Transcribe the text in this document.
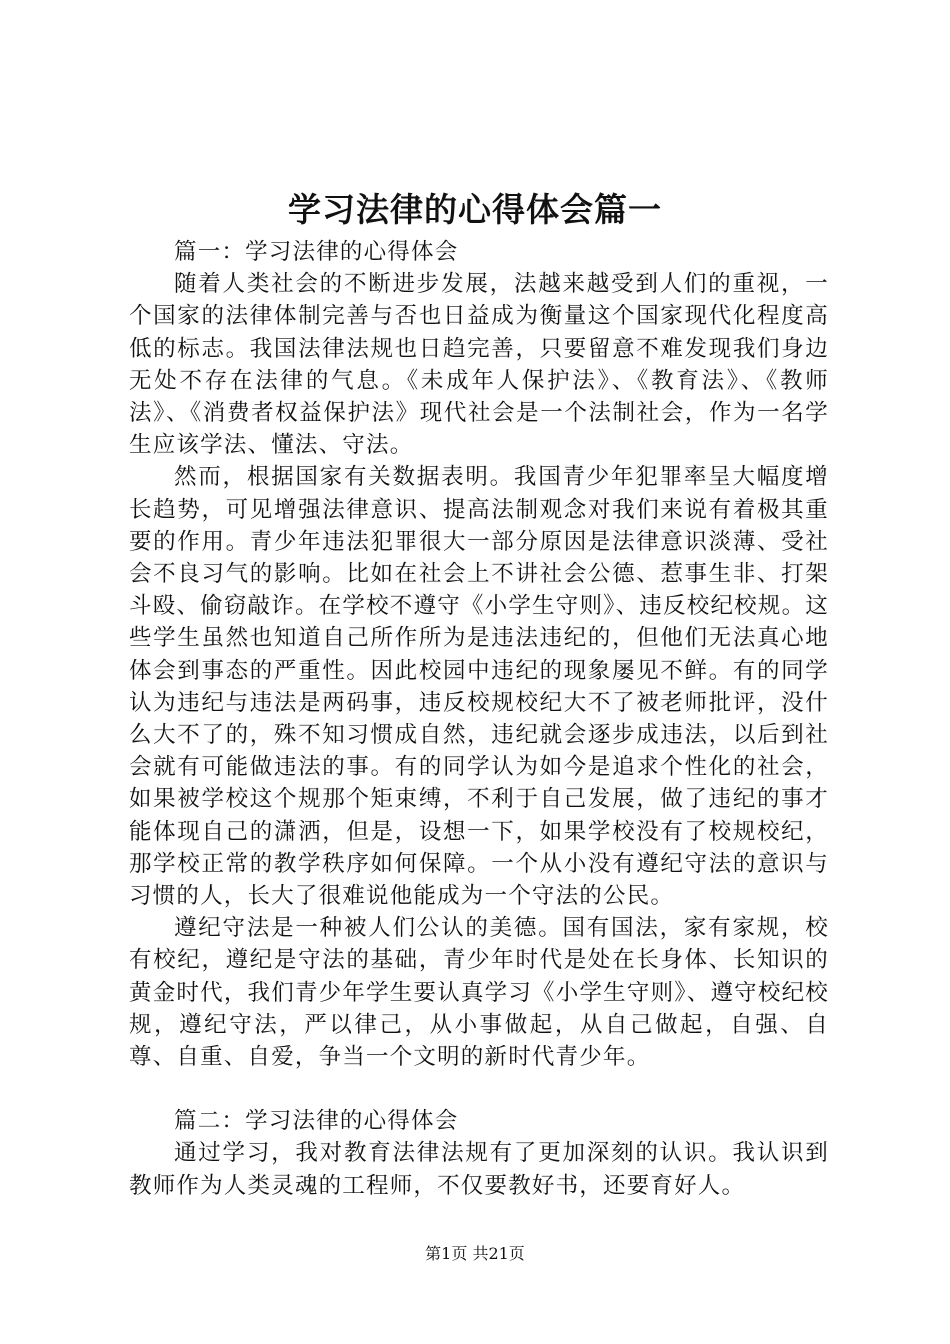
学习法律的心得体会篇一

篇一：学习法律的心得体会

随着人类社会的不断进步发展，法越来越受到人们的重视，一个国家的法律体制完善与否也日益成为衡量这个国家现代化程度高低的标志。我国法律法规也日趋完善，只要留意不难发现我们身边无处不存在法律的气息。《未成年人保护法》、《教育法》、《教师法》、《消费者权益保护法》现代社会是一个法制社会，作为一名学生应该学法、懂法、守法。

然而，根据国家有关数据表明。我国青少年犯罪率呈大幅度增长趋势，可见增强法律意识、提高法制观念对我们来说有着极其重要的作用。青少年违法犯罪很大一部分原因是法律意识淡薄、受社会不良习气的影响。比如在社会上不讲社会公德、惹事生非、打架斗殴、偷窃敲诈。在学校不遵守《小学生守则》、违反校纪校规。这些学生虽然也知道自己所作所为是违法违纪的，但他们无法真心地体会到事态的严重性。因此校园中违纪的现象屡见不鲜。有的同学认为违纪与违法是两码事，违反校规校纪大不了被老师批评，没什么大不了的，殊不知习惯成自然，违纪就会逐步成违法，以后到社会就有可能做违法的事。有的同学认为如今是追求个性化的社会，如果被学校这个规那个矩束缚，不利于自己发展，做了违纪的事才能体现自己的潇洒，但是，设想一下，如果学校没有了校规校纪，那学校正常的教学秩序如何保障。一个从小没有遵纪守法的意识与习惯的人，长大了很难说他能成为一个守法的公民。

遵纪守法是一种被人们公认的美德。国有国法，家有家规，校有校纪，遵纪是守法的基础，青少年时代是处在长身体、长知识的黄金时代，我们青少年学生要认真学习《小学生守则》、遵守校纪校规，遵纪守法，严以律己，从小事做起，从自己做起，自强、自尊、自重、自爱，争当一个文明的新时代青少年。

篇二：学习法律的心得体会

通过学习，我对教育法律法规有了更加深刻的认识。我认识到教师作为人类灵魂的工程师，不仅要教好书，还要育好人。

第1页 共21页
